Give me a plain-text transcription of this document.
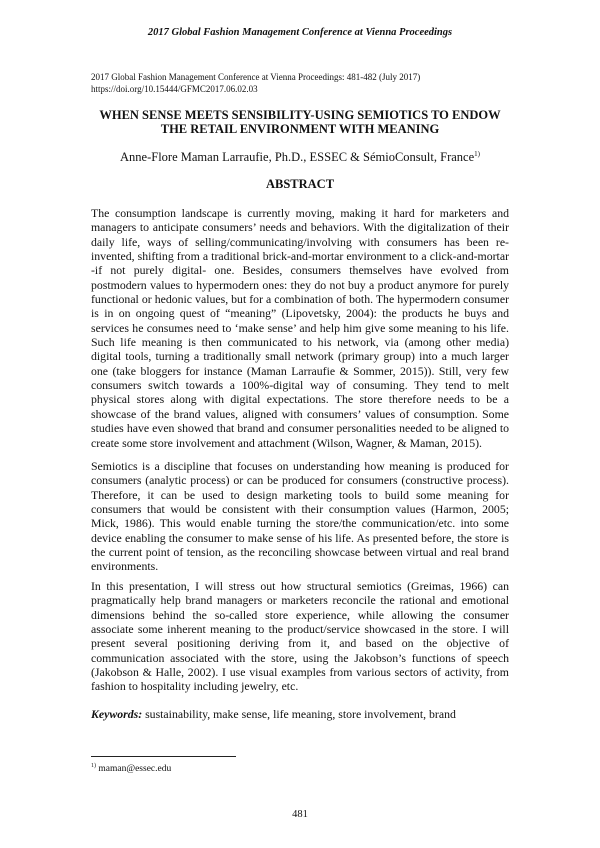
2017 Global Fashion Management Conference at Vienna Proceedings
2017 Global Fashion Management Conference at Vienna Proceedings: 481-482 (July 2017)
https://doi.org/10.15444/GFMC2017.06.02.03
WHEN SENSE MEETS SENSIBILITY-USING SEMIOTICS TO ENDOW THE RETAIL ENVIRONMENT WITH MEANING
Anne-Flore Maman Larraufie, Ph.D., ESSEC & SémioConsult, France$^{1)}$
ABSTRACT

The consumption landscape is currently moving, making it hard for marketers and managers to anticipate consumers’ needs and behaviors. With the digitalization of their daily life, ways of selling/communicating/involving with consumers has been re-invented, shifting from a traditional brick-and-mortar environment to a click-and-mortar -if not purely digital- one. Besides, consumers themselves have evolved from postmodern values to hypermodern ones: they do not buy a product anymore for purely functional or hedonic values, but for a combination of both. The hypermodern consumer is in on ongoing quest of “meaning” (Lipovetsky, 2004): the products he buys and services he consumes need to ‘make sense’ and help him give some meaning to his life. Such life meaning is then communicated to his network, via (among other media) digital tools, turning a traditionally small network (primary group) into a much larger one (take bloggers for instance (Maman Larraufie & Sommer, 2015)). Still, very few consumers switch towards a 100%-digital way of consuming. They tend to melt physical stores along with digital expectations. The store therefore needs to be a showcase of the brand values, aligned with consumers’ values of consumption. Some studies have even showed that brand and consumer personalities needed to be aligned to create some store involvement and attachment (Wilson, Wagner, & Maman, 2015).

Semiotics is a discipline that focuses on understanding how meaning is produced for consumers (analytic process) or can be produced for consumers (constructive process). Therefore, it can be used to design marketing tools to build some meaning for consumers that would be consistent with their consumption values (Harmon, 2005; Mick, 1986). This would enable turning the store/the communication/etc. into some device enabling the consumer to make sense of his life. As presented before, the store is the current point of tension, as the reconciling showcase between virtual and real brand environments.

In this presentation, I will stress out how structural semiotics (Greimas, 1966) can pragmatically help brand managers or marketers reconcile the rational and emotional dimensions behind the so-called store experience, while allowing the consumer associate some inherent meaning to the product/service showcased in the store. I will present several positioning deriving from it, and based on the objective of communication associated with the store, using the Jakobson’s functions of speech (Jakobson & Halle, 2002). I use visual examples from various sectors of activity, from fashion to hospitality including jewelry, etc.

Keywords: sustainability, make sense, life meaning, store involvement, brand

$^{1)}$ maman@essec.edu
481
